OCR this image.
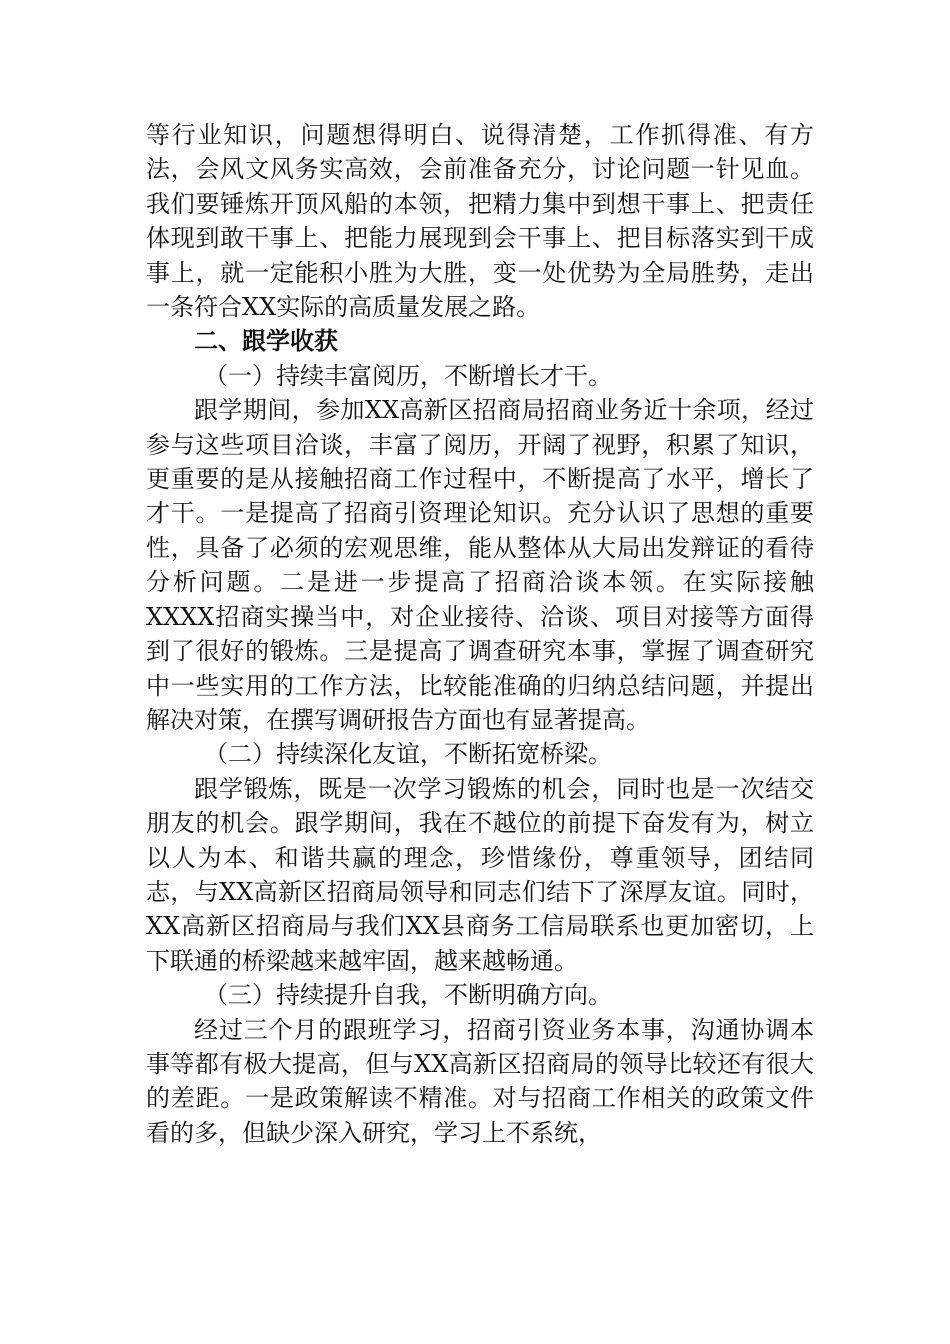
等行业知识，问题想得明白、说得清楚，工作抓得准、有方法，会风文风务实高效，会前准备充分，讨论问题一针见血。我们要锤炼开顶风船的本领，把精力集中到想干事上、把责任体现到敢干事上、把能力展现到会干事上、把目标落实到干成事上，就一定能积小胜为大胜，变一处优势为全局胜势，走出一条符合XX实际的高质量发展之路。

二、跟学收获

（一）持续丰富阅历，不断增长才干。

跟学期间，参加XX高新区招商局招商业务近十余项，经过参与这些项目洽谈，丰富了阅历，开阔了视野，积累了知识，更重要的是从接触招商工作过程中，不断提高了水平，增长了才干。一是提高了招商引资理论知识。充分认识了思想的重要性，具备了必须的宏观思维，能从整体从大局出发辩证的看待分析问题。二是进一步提高了招商洽谈本领。在实际接触XXXX招商实操当中，对企业接待、洽谈、项目对接等方面得到了很好的锻炼。三是提高了调查研究本事，掌握了调查研究中一些实用的工作方法，比较能准确的归纳总结问题，并提出解决对策，在撰写调研报告方面也有显著提高。

（二）持续深化友谊，不断拓宽桥梁。

跟学锻炼，既是一次学习锻炼的机会，同时也是一次结交朋友的机会。跟学期间，我在不越位的前提下奋发有为，树立以人为本、和谐共赢的理念，珍惜缘份，尊重领导，团结同志，与XX高新区招商局领导和同志们结下了深厚友谊。同时，XX高新区招商局与我们XX县商务工信局联系也更加密切，上下联通的桥梁越来越牢固，越来越畅通。

（三）持续提升自我，不断明确方向。

经过三个月的跟班学习，招商引资业务本事，沟通协调本事等都有极大提高，但与XX高新区招商局的领导比较还有很大的差距。一是政策解读不精准。对与招商工作相关的政策文件看的多，但缺少深入研究，学习上不系统，
